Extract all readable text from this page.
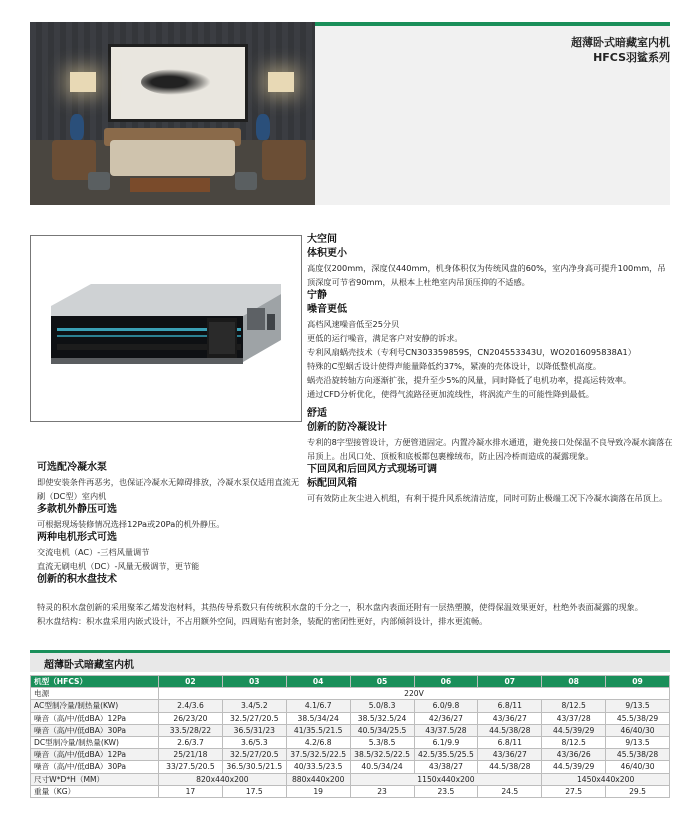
超薄卧式暗藏室内机
HFCS羽鲨系列
大空间
体积更小
高度仅200mm，深度仅440mm，机身体积仅为传统风盘的60%，室内净身高可提升100mm，吊顶深度可节省90mm，从根本上杜绝室内吊顶压抑的不适感。
宁静
噪音更低
高档风速噪音低至25分贝
更低的运行噪音，满足客户对安静的诉求。
专利风扇蜗壳技术（专利号CN303359859S，CN204553343U，WO2016095838A1）
特殊的C型蜗舌设计使得声能量降低约37%，紧凑的壳体设计，以降低整机高度。
蜗壳沿旋转轴方向逐渐扩张，提升至少5%的风量，同时降低了电机功率，提高运转效率。
通过CFD分析优化，使得气流路径更加流线性，将涡流产生的可能性降到最低。
舒适
创新的防冷凝设计
专利的8字型接管设计，方便管道固定。内置冷凝水排水通道，避免接口处保温不良导致冷凝水滴落在吊顶上。出风口处、顶板和底板都包裹橡绒布，防止因冷桥而造成的凝露现象。
下回风和后回风方式现场可调
标配回风箱
可有效防止灰尘进入机组，有利于提升风系统清洁度，同时可防止极端工况下冷凝水滴落在吊顶上。
可选配冷凝水泵
即使安装条件再恶劣，也保证冷凝水无障碍排放，冷凝水泵仅适用直流无刷（DC型）室内机
多款机外静压可选
可根据现场装修情况选择12Pa或20Pa的机外静压。
两种电机形式可选
交流电机（AC）-三档风量调节
直流无刷电机（DC）-风量无极调节，更节能
创新的积水盘技术
特灵的积水盘创新的采用聚苯乙烯发泡材料，其热传导系数只有传统积水盘的千分之一，积水盘内表面还附有一层热塑膜，使得保温效果更好，杜绝外表面凝露的现象。
积水盘结构：积水盘采用内嵌式设计，不占用额外空间，四周贴有密封条，装配的密闭性更好，内部倾斜设计，排水更流畅。
超薄卧式暗藏室内机
机型（HFCS）	02	03	04	05	06	07	08	09
电源	220V							
AC型制冷量/制热量(KW)	2.4/3.6	3.4/5.2	4.1/6.7	5.0/8.3	6.0/9.8	6.8/11	8/12.5	9/13.5
噪音（高/中/低dBA）12Pa	26/23/20	32.5/27/20.5	38.5/34/24	38.5/32.5/24	42/36/27	43/36/27	43/37/28	45.5/38/29
噪音（高/中/低dBA）30Pa	33.5/28/22	36.5/31/23	41/35.5/21.5	40.5/34/25.5	43/37.5/28	44.5/38/28	44.5/39/29	46/40/30
DC型制冷量/制热量(KW)	2.6/3.7	3.6/5.3	4.2/6.8	5.3/8.5	6.1/9.9	6.8/11	8/12.5	9/13.5
噪音（高/中/低dBA）12Pa	25/21/18	32.5/27/20.5	37.5/32.5/22.5	38.5/32.5/22.5	42.5/35.5/25.5	43/36/27	43/36/26	45.5/38/28
噪音（高/中/低dBA）30Pa	33/27.5/20.5	36.5/30.5/21.5	40/33.5/23.5	40.5/34/24	43/38/27	44.5/38/28	44.5/39/29	46/40/30
尺寸W*D*H（MM）	820x440x200		880x440x200	1150x440x200			1450x440x200	
重量（KG）	17	17.5	19	23	23.5	24.5	27.5	29.5
